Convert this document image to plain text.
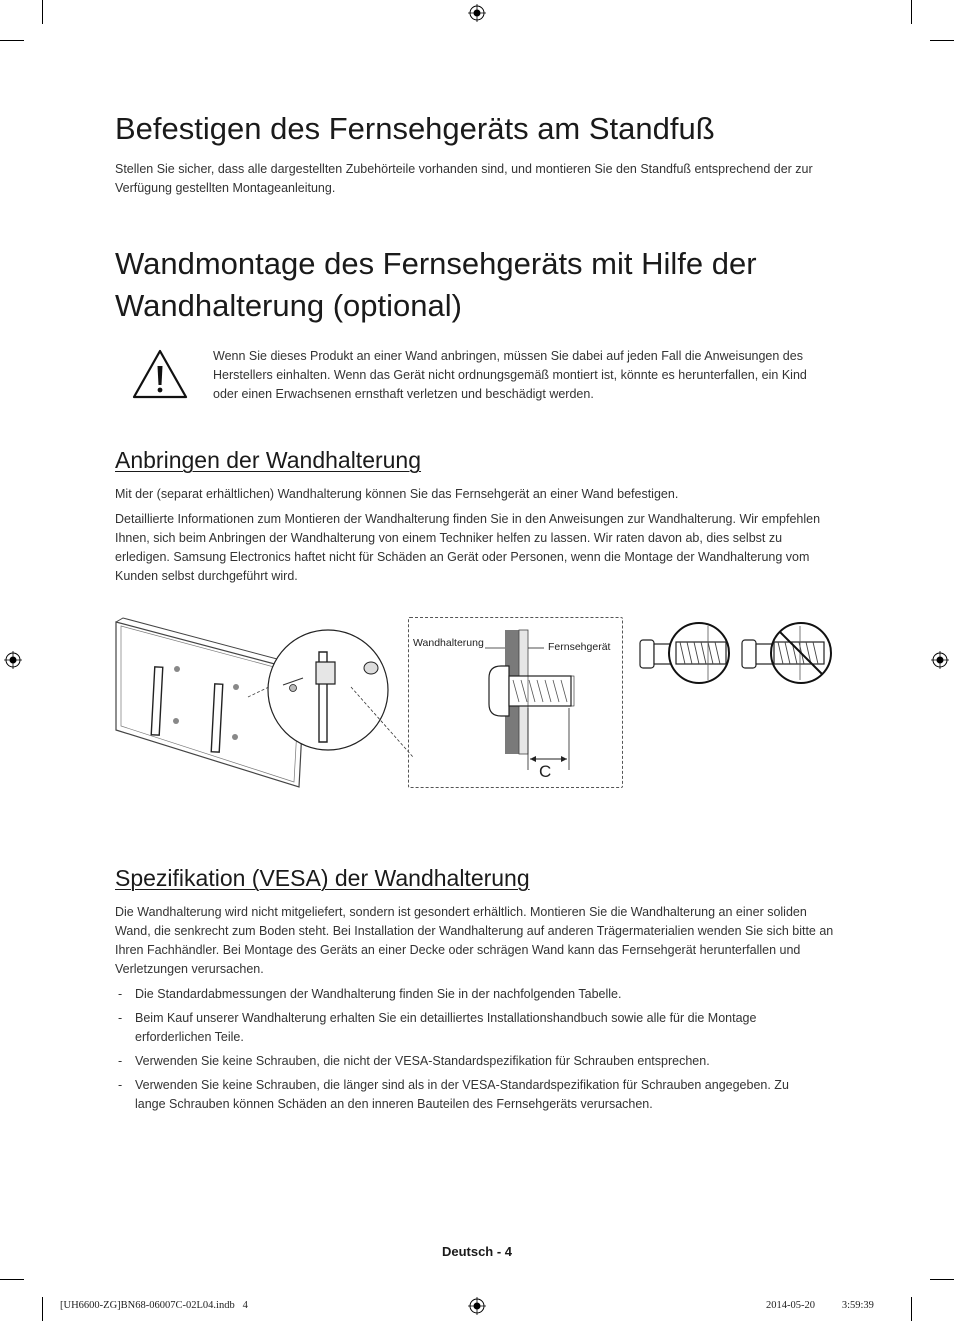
Befestigen des Fernsehgeräts am Standfuß

Stellen Sie sicher, dass alle dargestellten Zubehörteile vorhanden sind, und montieren Sie den Standfuß entsprechend der zur Verfügung gestellten Montageanleitung.

Wandmontage des Fernsehgeräts mit Hilfe der Wandhalterung (optional)

Wenn Sie dieses Produkt an einer Wand anbringen, müssen Sie dabei auf jeden Fall die Anweisungen des Herstellers einhalten. Wenn das Gerät nicht ordnungsgemäß montiert ist, könnte es herunterfallen, ein Kind oder einen Erwachsenen ernsthaft verletzen und beschädigt werden.

Anbringen der Wandhalterung

Mit der (separat erhältlichen) Wandhalterung können Sie das Fernsehgerät an einer Wand befestigen.

Detaillierte Informationen zum Montieren der Wandhalterung finden Sie in den Anweisungen zur Wandhalterung. Wir empfehlen Ihnen, sich beim Anbringen der Wandhalterung von einem Techniker helfen zu lassen. Wir raten davon ab, dies selbst zu erledigen. Samsung Electronics haftet nicht für Schäden an Gerät oder Personen, wenn die Montage der Wandhalterung vom Kunden selbst durchgeführt wird.

Wandhalterung	Fernsehgerät
C
Spezifikation (VESA) der Wandhalterung

Die Wandhalterung wird nicht mitgeliefert, sondern ist gesondert erhältlich. Montieren Sie die Wandhalterung an einer soliden Wand, die senkrecht zum Boden steht. Bei Installation der Wandhalterung auf anderen Trägermaterialien wenden Sie sich bitte an Ihren Fachhändler. Bei Montage des Geräts an einer Decke oder schrägen Wand kann das Fernsehgerät herunterfallen und Verletzungen verursachen.

- Die Standardabmessungen der Wandhalterung finden Sie in der nachfolgenden Tabelle.
- Beim Kauf unserer Wandhalterung erhalten Sie ein detailliertes Installationshandbuch sowie alle für die Montage erforderlichen Teile.
- Verwenden Sie keine Schrauben, die nicht der VESA-Standardspezifikation für Schrauben entsprechen.
- Verwenden Sie keine Schrauben, die länger sind als in der VESA-Standardspezifikation für Schrauben angegeben. Zu lange Schrauben können Schäden an den inneren Bauteilen des Fernsehgeräts verursachen.
Deutsch - 4
[UH6600-ZG]BN68-06007C-02L04.indb   4	2014-05-20   ￿￿ 3:59:39
